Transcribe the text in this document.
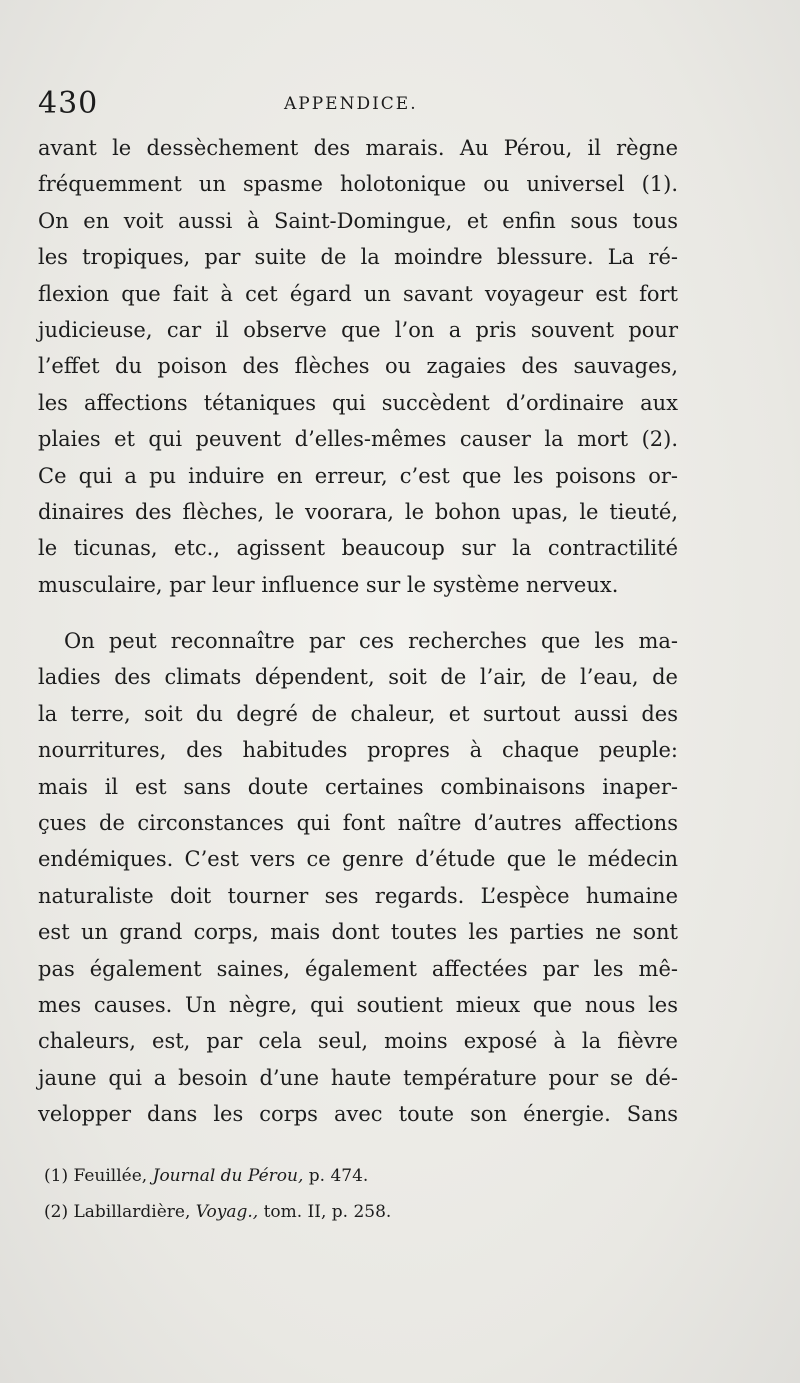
430	APPENDICE.
avant le dessèchement des marais. Au Pérou, il règne
fréquemment un spasme holotonique ou universel (1).
On en voit aussi à Saint-Domingue, et enfin sous tous
les tropiques, par suite de la moindre blessure. La ré-
flexion que fait à cet égard un savant voyageur est fort
judicieuse, car il observe que l’on a pris souvent pour
l’effet du poison des flèches ou zagaies des sauvages,
les affections tétaniques qui succèdent d’ordinaire aux
plaies et qui peuvent d’elles-mêmes causer la mort (2).
Ce qui a pu induire en erreur, c’est que les poisons or-
dinaires des flèches, le voorara, le bohon upas, le tieuté,
le ticunas, etc., agissent beaucoup sur la contractilité
musculaire, par leur influence sur le système nerveux.
On peut reconnaître par ces recherches que les ma-
ladies des climats dépendent, soit de l’air, de l’eau, de
la terre, soit du degré de chaleur, et surtout aussi des
nourritures, des habitudes propres à chaque peuple:
mais il est sans doute certaines combinaisons inaper-
çues de circonstances qui font naître d’autres affections
endémiques. C’est vers ce genre d’étude que le médecin
naturaliste doit tourner ses regards. L’espèce humaine
est un grand corps, mais dont toutes les parties ne sont
pas également saines, également affectées par les mê-
mes causes. Un nègre, qui soutient mieux que nous les
chaleurs, est, par cela seul, moins exposé à la fièvre
jaune qui a besoin d’une haute température pour se dé-
velopper dans les corps avec toute son énergie. Sans
(1) Feuillée, Journal du Pérou, p. 474.
(2) Labillardière, Voyag., tom. II, p. 258.
